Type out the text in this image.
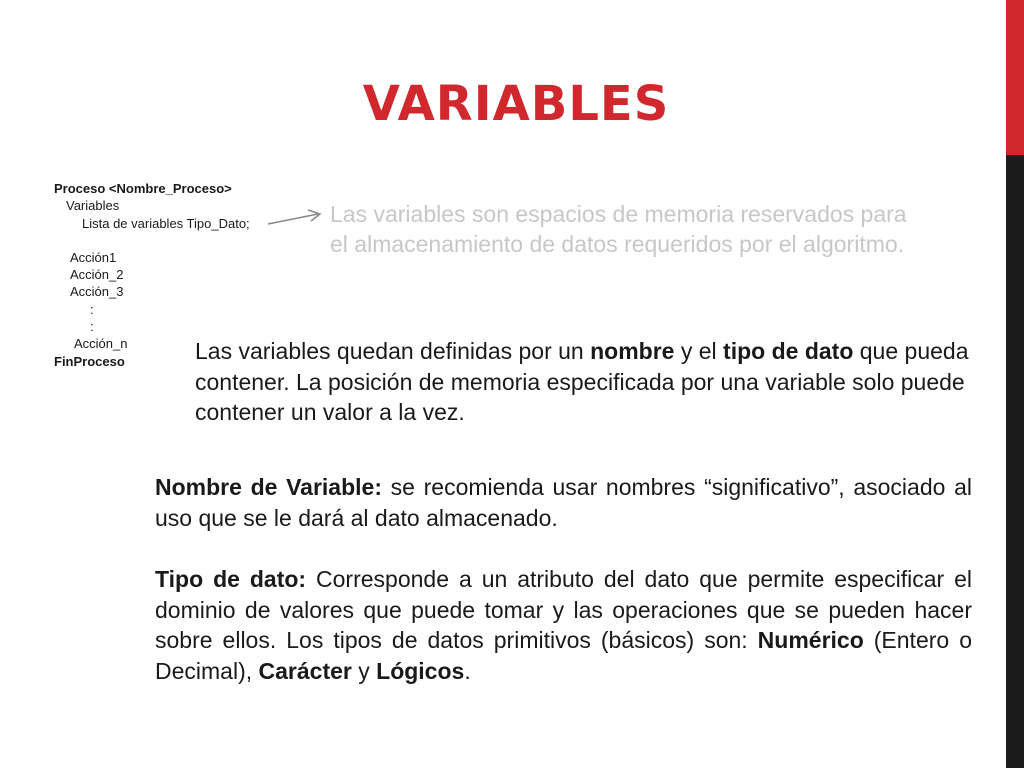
VARIABLES
Proceso <Nombre_Proceso>
Variables
Lista de variables Tipo_Dato;
Acción1
Acción_2
Acción_3
:
:
Acción_n
FinProceso
Las variables son espacios de memoria reservados para el almacenamiento de datos requeridos por el algoritmo.
Las variables quedan definidas por un nombre y el tipo de dato que pueda contener. La posición de memoria especificada por una variable solo puede contener un valor a la vez.
Nombre de Variable: se recomienda usar nombres “significativo”, asociado al uso que se le dará al dato almacenado.
Tipo de dato: Corresponde a un atributo del dato que permite especificar el dominio de valores que puede tomar y las operaciones que se pueden hacer sobre ellos. Los tipos de datos primitivos (básicos) son: Numérico (Entero o Decimal), Carácter y Lógicos.
